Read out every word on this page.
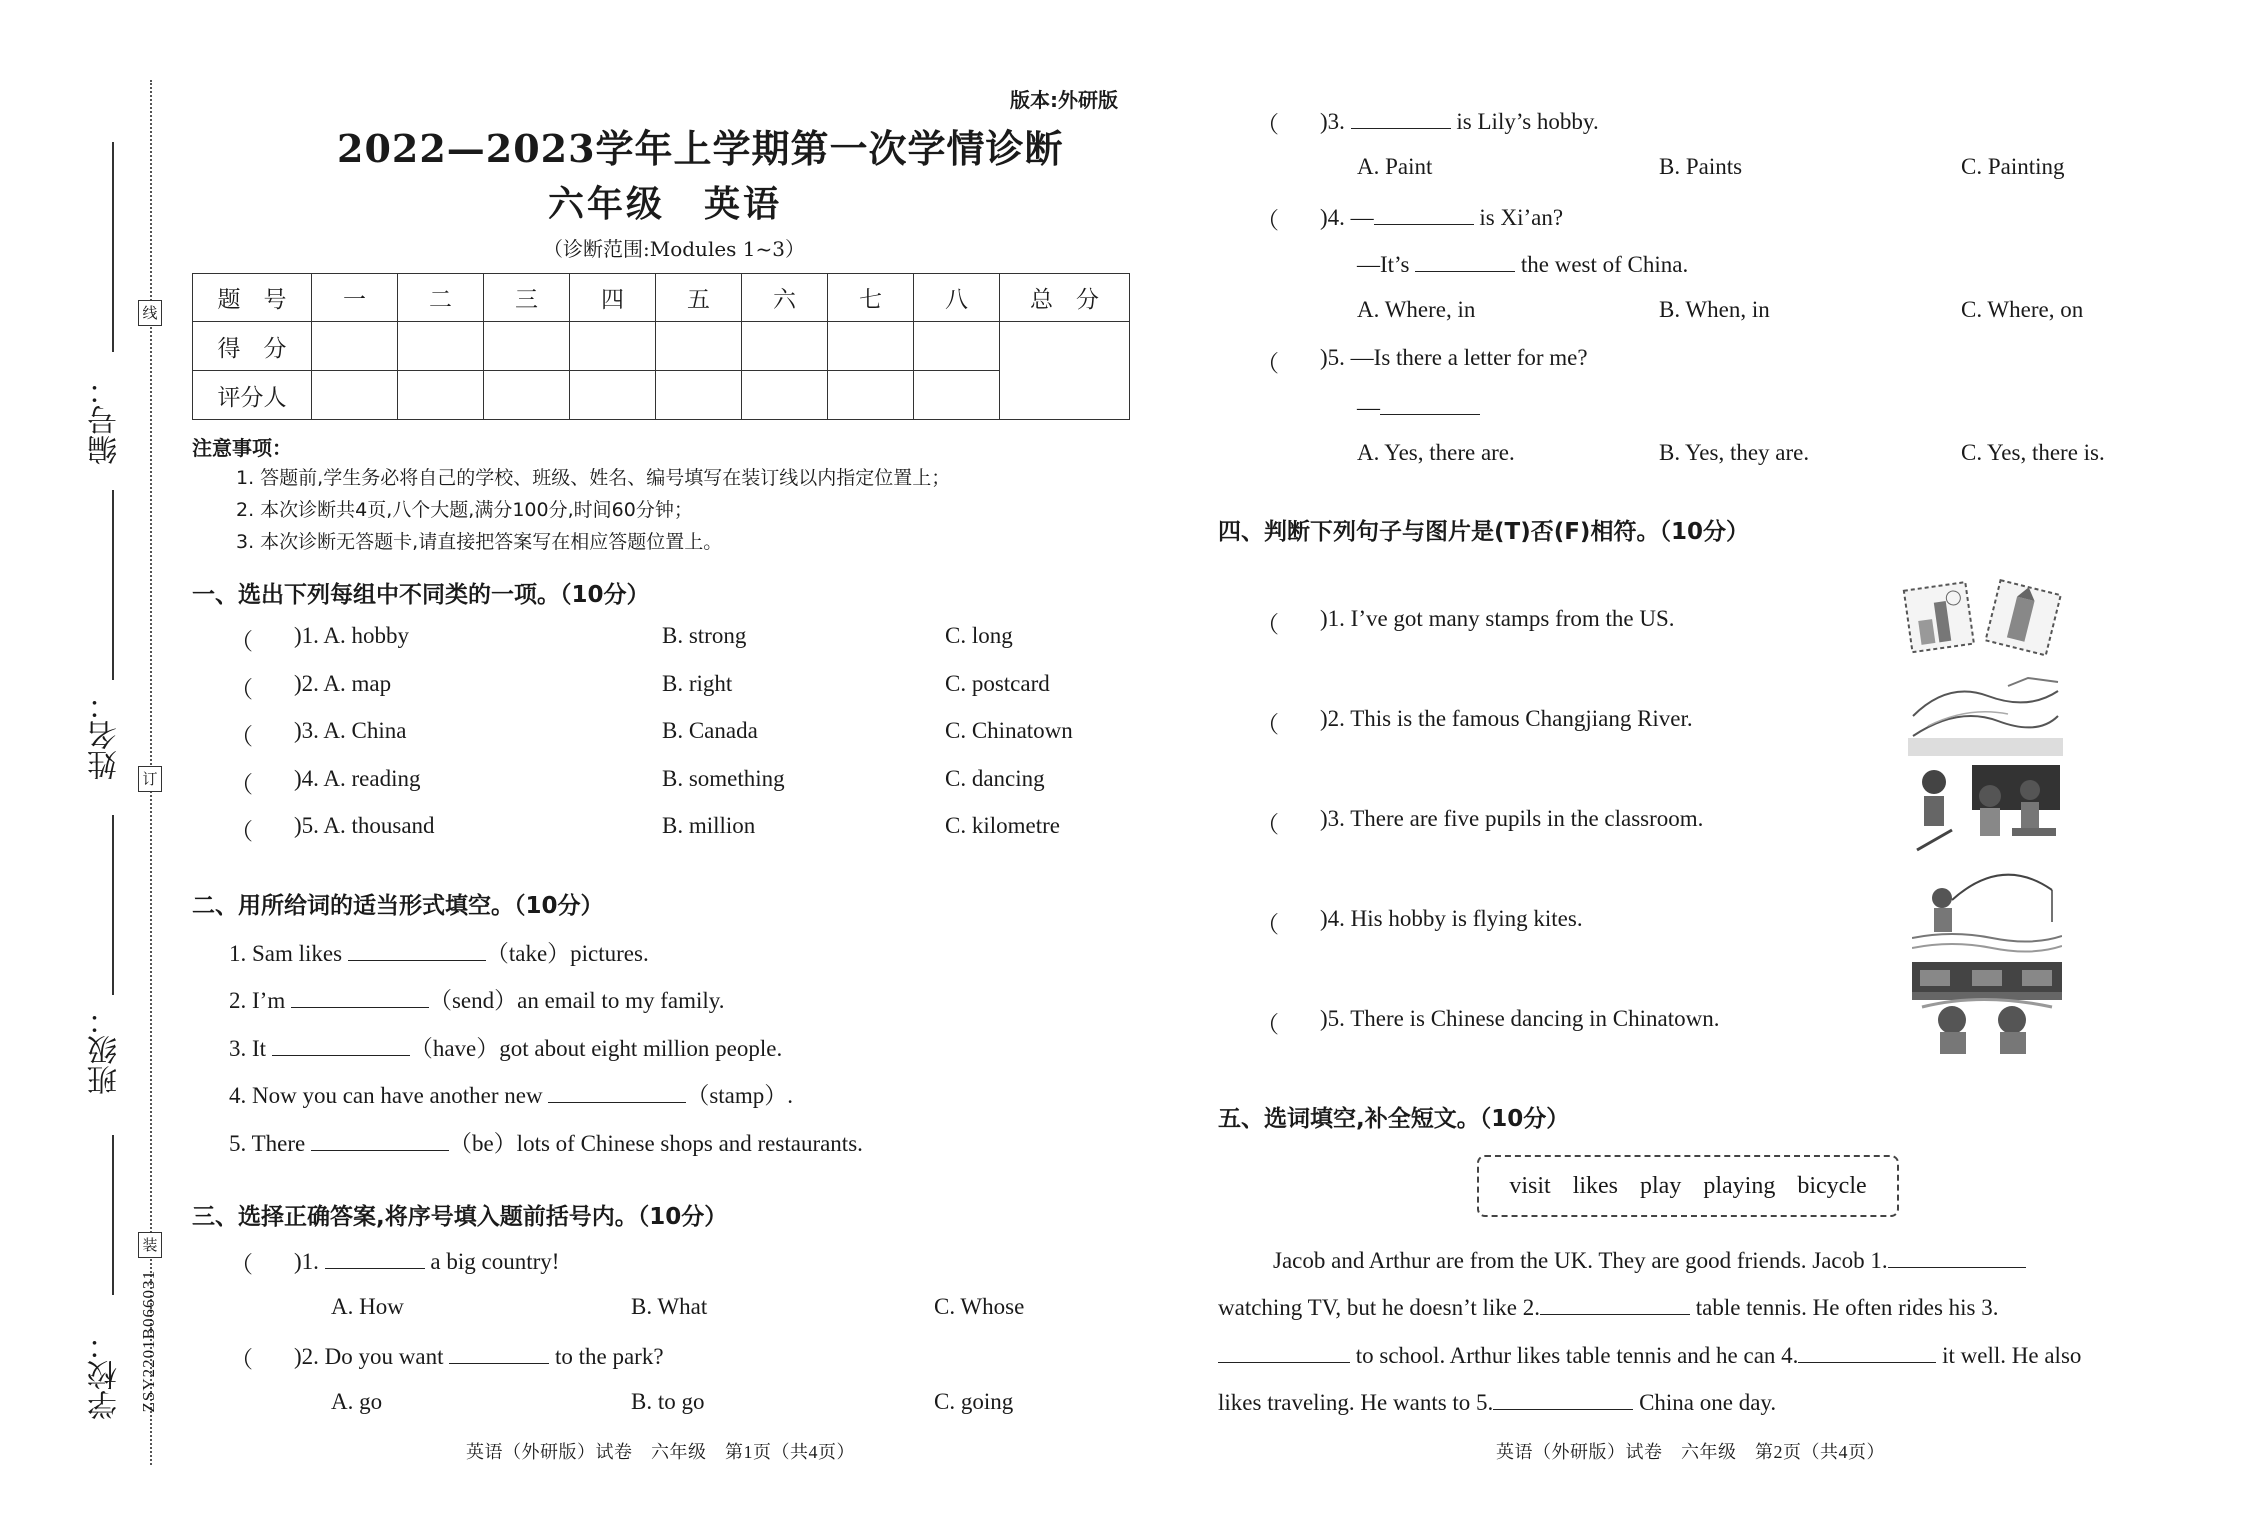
线
订
装
编号：
姓名：
班级：
学校： ZSY2201B066031
版本:外研版
2022—2023学年上学期第一次学情诊断
六年级　英语
（诊断范围:Modules 1~3）
题　号	一	二	三	四	五	六	七	八	总　分
得　分									
评分人									
注意事项：
1. 答题前,学生务必将自己的学校、班级、姓名、编号填写在装订线以内指定位置上；
2. 本次诊断共4页,八个大题,满分100分,时间60分钟；
3. 本次诊断无答题卡,请直接把答案写在相应答题位置上。
一、选出下列每组中不同类的一项。（10分）
（ )1. A. hobby	B. strong	C. long
（ )2. A. map	B. right	C. postcard
（ )3. A. China	B. Canada	C. Chinatown
（ )4. A. reading	B. something	C. dancing
（ )5. A. thousand	B. million	C. kilometre
二、用所给词的适当形式填空。（10分）
1. Sam likes	（take）pictures.
2. I’m	（send）an email to my family.
3. It	（have）got about eight million people.
4. Now you can have another new	（stamp）.
5. There	（be）lots of Chinese shops and restaurants.
三、选择正确答案,将序号填入题前括号内。（10分）
（ )1.	a big country!
A. How	B. What	C. Whose
（ )2. Do you want	to the park?
A. go	B. to go	C. going
英语（外研版）试卷　六年级　第1页（共4页）
（ )3.	is Lily’s hobby.
A. Paint	B. Paints	C. Painting
（ )4. —	is Xi’an?
—It’s	the west of China.
A. Where, in	B. When, in	C. Where, on
（ )5. —Is there a letter for me?
—
A. Yes, there are.	B. Yes, they are.	C. Yes, there is.
四、判断下列句子与图片是(T)否(F)相符。（10分）
（ )1. I’ve got many stamps from the US.
（ )2. This is the famous Changjiang River.
（ )3. There are five pupils in the classroom.
（ )4. His hobby is flying kites.
（ )5. There is Chinese dancing in Chinatown.
五、选词填空,补全短文。（10分）
visit likes play playing bicycle
Jacob and Arthur are from the UK. They are good friends. Jacob 1.
watching TV, but he doesn’t like 2.	table tennis. He often rides his 3.
to school. Arthur likes table tennis and he can 4.	it well. He also
likes traveling. He wants to 5.	China one day.
英语（外研版）试卷　六年级　第2页（共4页）
